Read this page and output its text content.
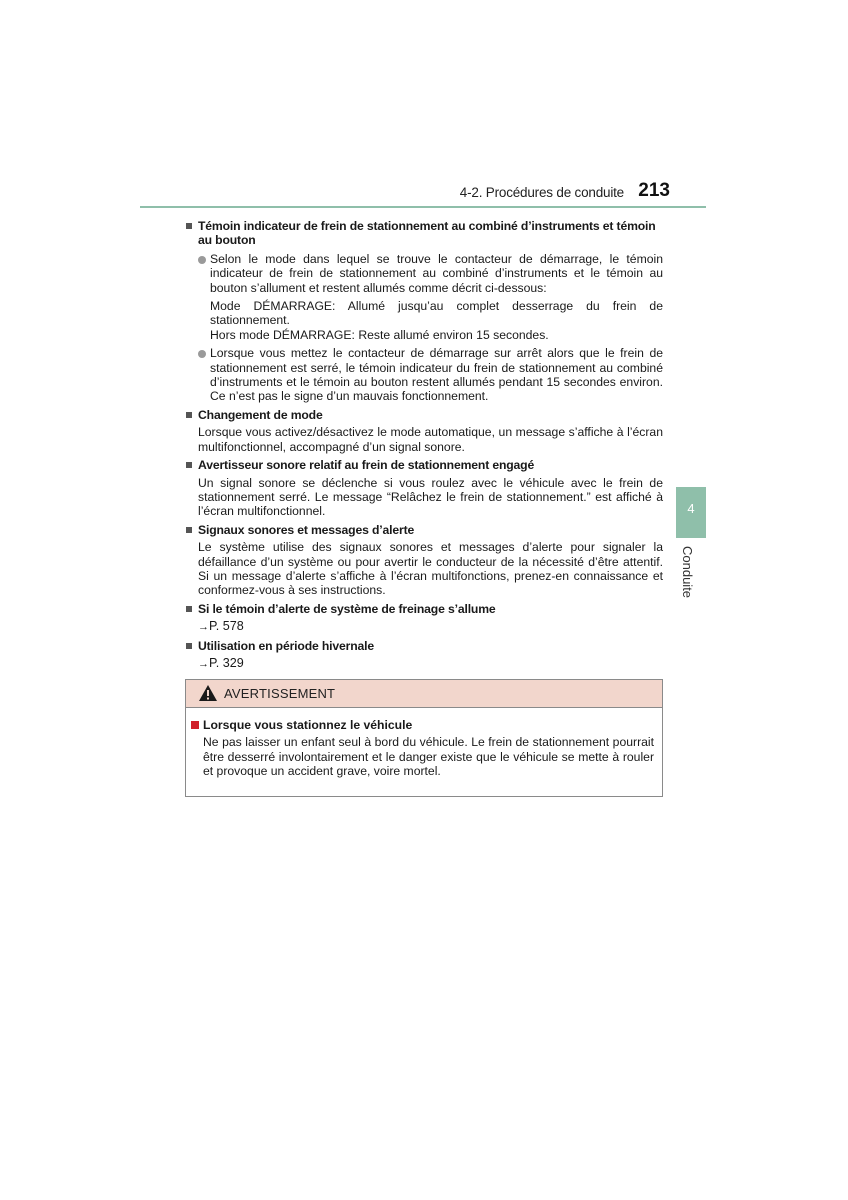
4-2. Procédures de conduite 213
Témoin indicateur de frein de stationnement au combiné d’instruments et témoin au bouton
Selon le mode dans lequel se trouve le contacteur de démarrage, le témoin indicateur de frein de stationnement au combiné d’instruments et le témoin au bouton s’allument et restent allumés comme décrit ci-dessous:
Mode DÉMARRAGE: Allumé jusqu’au complet desserrage du frein de stationnement.
Hors mode DÉMARRAGE: Reste allumé environ 15 secondes.
Lorsque vous mettez le contacteur de démarrage sur arrêt alors que le frein de stationnement est serré, le témoin indicateur du frein de stationnement au combiné d’instruments et le témoin au bouton restent allumés pendant 15 secondes environ. Ce n’est pas le signe d’un mauvais fonctionnement.
Changement de mode
Lorsque vous activez/désactivez le mode automatique, un message s’affiche à l’écran multifonctionnel, accompagné d’un signal sonore.
Avertisseur sonore relatif au frein de stationnement engagé
Un signal sonore se déclenche si vous roulez avec le véhicule avec le frein de stationnement serré. Le message “Relâchez le frein de stationnement.” est affiché à l’écran multifonctionnel.
Signaux sonores et messages d’alerte
Le système utilise des signaux sonores et messages d’alerte pour signaler la défaillance d’un système ou pour avertir le conducteur de la nécessité d’être attentif. Si un message d’alerte s’affiche à l’écran multifonctions, prenez-en connaissance et conformez-vous à ses instructions.
Si le témoin d’alerte de système de freinage s’allume
→P. 578
Utilisation en période hivernale
→P. 329
AVERTISSEMENT
Lorsque vous stationnez le véhicule
Ne pas laisser un enfant seul à bord du véhicule. Le frein de stationnement pourrait être desserré involontairement et le danger existe que le véhicule se mette à rouler et provoque un accident grave, voire mortel.
4
Conduite
